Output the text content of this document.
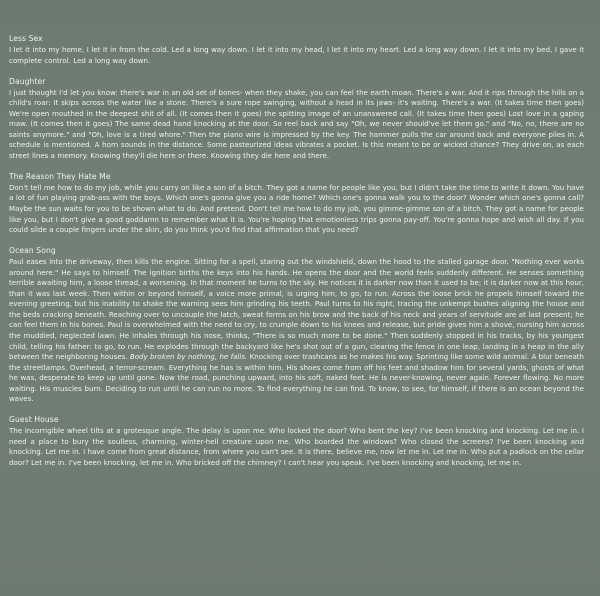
Less Sex

I let it into my home, I let it in from the cold. Led a long way down. I let it into my head, I let it into my heart. Led a long way down. I let it into my bed, I gave it complete control. Led a long way down.

Daughter

I just thought I'd let you know: there's war in an old set of bones- when they shake, you can feel the earth moan. There's a war. And it rips through the hills on a child's roar: It skips across the water like a stone. There's a sure rope swinging, without a head in its jaws- it's waiting. There's a war. (It takes time then goes) We're open mouthed in the deepest shit of all. (It comes then it goes) the spitting image of an unanswered call. (It takes time then goes) Lost love in a gaping maw. (It comes then it goes) The same dead hand knocking at the door. So reel back and say "Oh, we never should've let them go." and "No, no, there are no saints anymore." and "Oh, love is a tired whore." Then the piano wire is impressed by the key. The hammer pulls the car around back and everyone piles in. A schedule is mentioned. A horn sounds in the distance. Some pasteurized ideas vibrates a pocket. Is this meant to be or wicked chance? They drive on, as each street lines a memory. Knowing they'll die here or there. Knowing they die here and there.

The Reason They Hate Me

Don't tell me how to do my job, while you carry on like a son of a bitch. They got a name for people like you, but I didn't take the time to write it down. You have a lot of fun playing grab-ass with the boys. Which one's gonna give you a ride home? Which one's gonna walk you to the door? Wonder which one's gonna call? Maybe the sun waits for you to be shown what to do. And pretend. Don't tell me how to do my job, you gimme-gimme son of a bitch. They got a name for people like you, but I don't give a good goddamn to remember what it is. You're hoping that emotionless trips gonna pay-off. You're gonna hope and wish all day. If you could slide a couple fingers under the skin, do you think you'd find that affirmation that you need?

Ocean Song

Paul eases into the driveway, then kills the engine. Sitting for a spell, staring out the windshield, down the hood to the stalled garage door. "Nothing ever works around here." He says to himself. The ignition births the keys into his hands. He opens the door and the world feels suddenly different. He senses something terrible awaiting him, a loose thread, a worsening. In that moment he turns to the sky. He notices it is darker now than it used to be; it is darker now at this hour, than it was last week. Then within or beyond himself, a voice more primal, is urging him, to go, to run. Across the loose brick he propels himself toward the evening greeting, but his inability to shake the warning sees him grinding his teeth. Paul turns to his right, tracing the unkempt bushes aligning the house and the beds cracking beneath. Reaching over to uncouple the latch, sweat forms on his brow and the back of his neck and years of servitude are at last present; he can feel them in his bones. Paul is overwhelmed with the need to cry, to crumple down to his knees and release, but pride gives him a shove, nursing him across the muddied, neglected lawn. He inhales through his nose, thinks, "There is so much more to be done." Then suddenly stopped in his tracks, by his youngest child, telling his father: to go, to run. He explodes through the backyard like he's shot out of a gun, clearing the fence in one leap, landing in a heap in the ally between the neighboring houses. Body broken by nothing, he falls. Knocking over trashcans as he makes his way. Sprinting like some wild animal. A blur beneath the streetlamps. Overhead, a terror-scream. Everything he has is within him. His shoes come from off his feet and shadow him for several yards, ghosts of what he was, desperate to keep up until gone. Now the road, punching upward, into his soft, naked feet. He is never-knowing, never again. Forever flowing. No more waiting. His muscles burn. Deciding to run until he can run no more. To find everything he can find. To know, to see, for himself, if there is an ocean beyond the waves.

Guest House

The incorrigible wheel tilts at a grotesque angle. The delay is upon me. Who locked the door? Who bent the key? I've been knocking and knocking. Let me in. I need a place to bury the soulless, charming, winter-hell creature upon me. Who boarded the windows? Who closed the screens? I've been knocking and knocking. Let me in. I have come from great distance, from where you can't see. It is there, believe me, now let me in. Let me in. Who put a padlock on the cellar door? Let me in. I've been knocking, let me in. Who bricked off the chimney? I can't hear you speak. I've been knocking and knocking, let me in.
